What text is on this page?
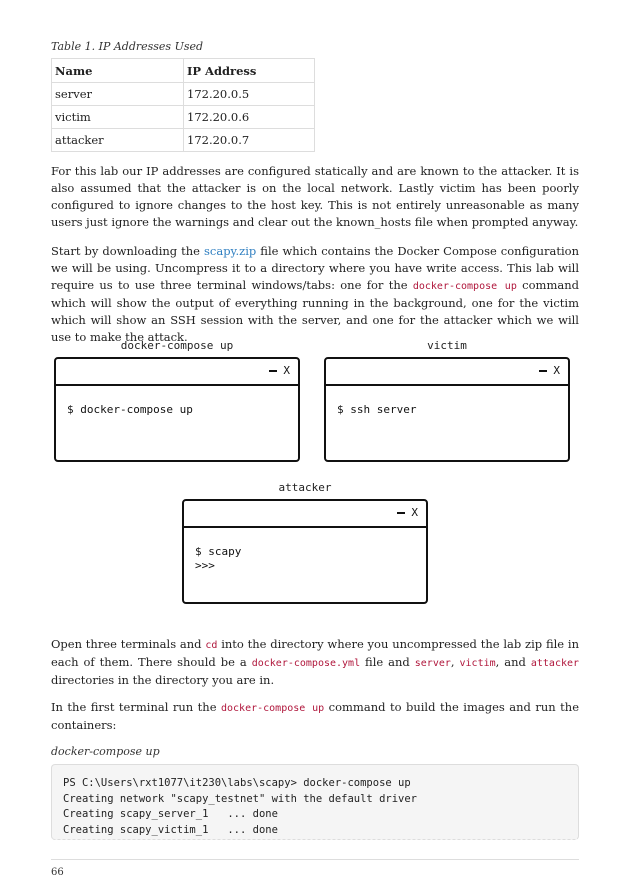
Table 1. IP Addresses Used
Name	IP Address
server	172.20.0.5
victim	172.20.0.6
attacker	172.20.0.7

For this lab our IP addresses are configured statically and are known to the attacker. It is also assumed that the attacker is on the local network. Lastly victim has been poorly configured to ignore changes to the host key. This is not entirely unreasonable as many users just ignore the warnings and clear out the known_hosts file when prompted anyway.

Start by downloading the scapy.zip file which contains the Docker Compose configuration we will be using. Uncompress it to a directory where you have write access. This lab will require us to use three terminal windows/tabs: one for the docker-compose up command which will show the output of everything running in the background, one for the victim which will show an SSH session with the server, and one for the attacker which we will use to make the attack.

docker-compose up
X
$ docker-compose up
victim
X
$ ssh server
attacker
X
$ scapy
>>>

Open three terminals and cd into the directory where you uncompressed the lab zip file in each of them. There should be a docker-compose.yml file and server, victim, and attacker directories in the directory you are in.

In the first terminal run the docker-compose up command to build the images and run the containers:

docker-compose up
PS C:\Users\rxt1077\it230\labs\scapy> docker-compose up
Creating network "scapy_testnet" with the default driver
Creating scapy_server_1   ... done
Creating scapy_victim_1   ... done
66
